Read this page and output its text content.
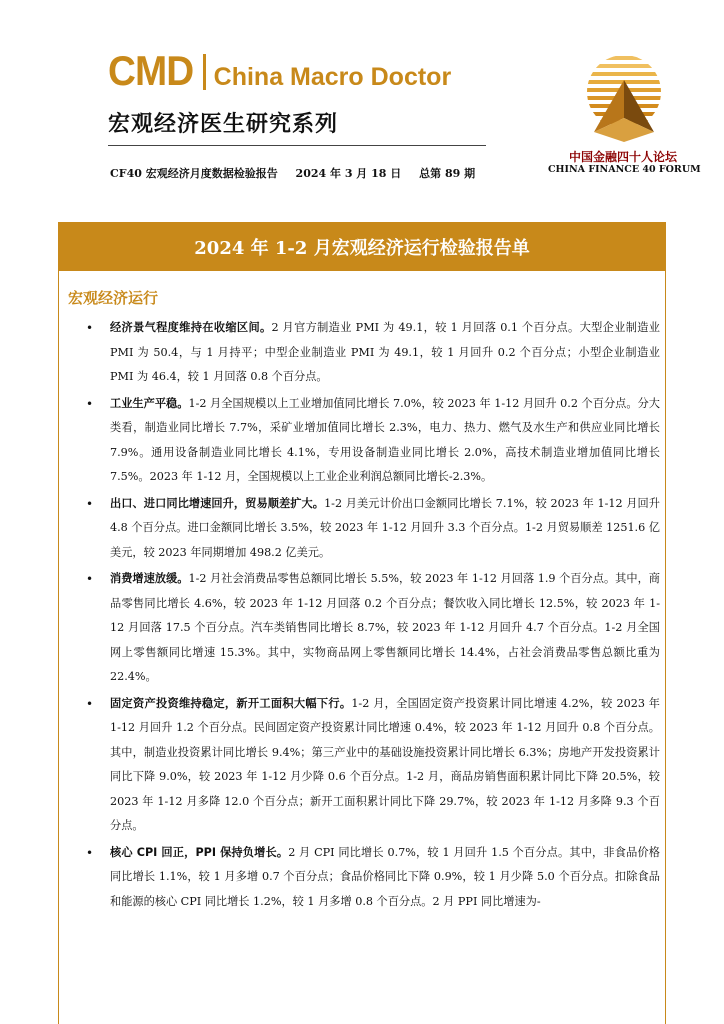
CMD China Macro Doctor
宏观经济医生研究系列
CF40 宏观经济月度数据检验报告 2024 年 3 月 18 日 总第 89 期
中国金融四十人论坛
CHINA FINANCE 40 FORUM
2024 年 1-2 月宏观经济运行检验报告单
宏观经济运行
•	经济景气程度维持在收缩区间。2 月官方制造业 PMI 为 49.1，较 1 月回落 0.1 个百分点。大型企业制造业 PMI 为 50.4，与 1 月持平；中型企业制造业 PMI 为 49.1，较 1 月回升 0.2 个百分点；小型企业制造业 PMI 为 46.4，较 1 月回落 0.8 个百分点。
•	工业生产平稳。1-2 月全国规模以上工业增加值同比增长 7.0%，较 2023 年 1-12 月回升 0.2 个百分点。分大类看，制造业同比增长 7.7%，采矿业增加值同比增长 2.3%，电力、热力、燃气及水生产和供应业同比增长 7.9%。通用设备制造业同比增长 4.1%，专用设备制造业同比增长 2.0%，高技术制造业增加值同比增长 7.5%。2023 年 1-12 月，全国规模以上工业企业利润总额同比增长-2.3%。
•	出口、进口同比增速回升，贸易顺差扩大。1-2 月美元计价出口金额同比增长 7.1%，较 2023 年 1-12 月回升 4.8 个百分点。进口金额同比增长 3.5%，较 2023 年 1-12 月回升 3.3 个百分点。1-2 月贸易顺差 1251.6 亿美元，较 2023 年同期增加 498.2 亿美元。
•	消费增速放缓。1-2 月社会消费品零售总额同比增长 5.5%，较 2023 年 1-12 月回落 1.9 个百分点。其中，商品零售同比增长 4.6%，较 2023 年 1-12 月回落 0.2 个百分点；餐饮收入同比增长 12.5%，较 2023 年 1-12 月回落 17.5 个百分点。汽车类销售同比增长 8.7%，较 2023 年 1-12 月回升 4.7 个百分点。1-2 月全国网上零售额同比增速 15.3%。其中，实物商品网上零售额同比增长 14.4%，占社会消费品零售总额比重为 22.4%。
•	固定资产投资维持稳定，新开工面积大幅下行。1-2 月，全国固定资产投资累计同比增速 4.2%，较 2023 年 1-12 月回升 1.2 个百分点。民间固定资产投资累计同比增速 0.4%，较 2023 年 1-12 月回升 0.8 个百分点。其中，制造业投资累计同比增长 9.4%；第三产业中的基础设施投资累计同比增长 6.3%；房地产开发投资累计同比下降 9.0%，较 2023 年 1-12 月少降 0.6 个百分点。1-2 月，商品房销售面积累计同比下降 20.5%，较 2023 年 1-12 月多降 12.0 个百分点；新开工面积累计同比下降 29.7%，较 2023 年 1-12 月多降 9.3 个百分点。
•	核心 CPI 回正，PPI 保持负增长。2 月 CPI 同比增长 0.7%，较 1 月回升 1.5 个百分点。其中，非食品价格同比增长 1.1%，较 1 月多增 0.7 个百分点；食品价格同比下降 0.9%，较 1 月少降 5.0 个百分点。扣除食品和能源的核心 CPI 同比增长 1.2%，较 1 月多增 0.8 个百分点。2 月 PPI 同比增速为-
